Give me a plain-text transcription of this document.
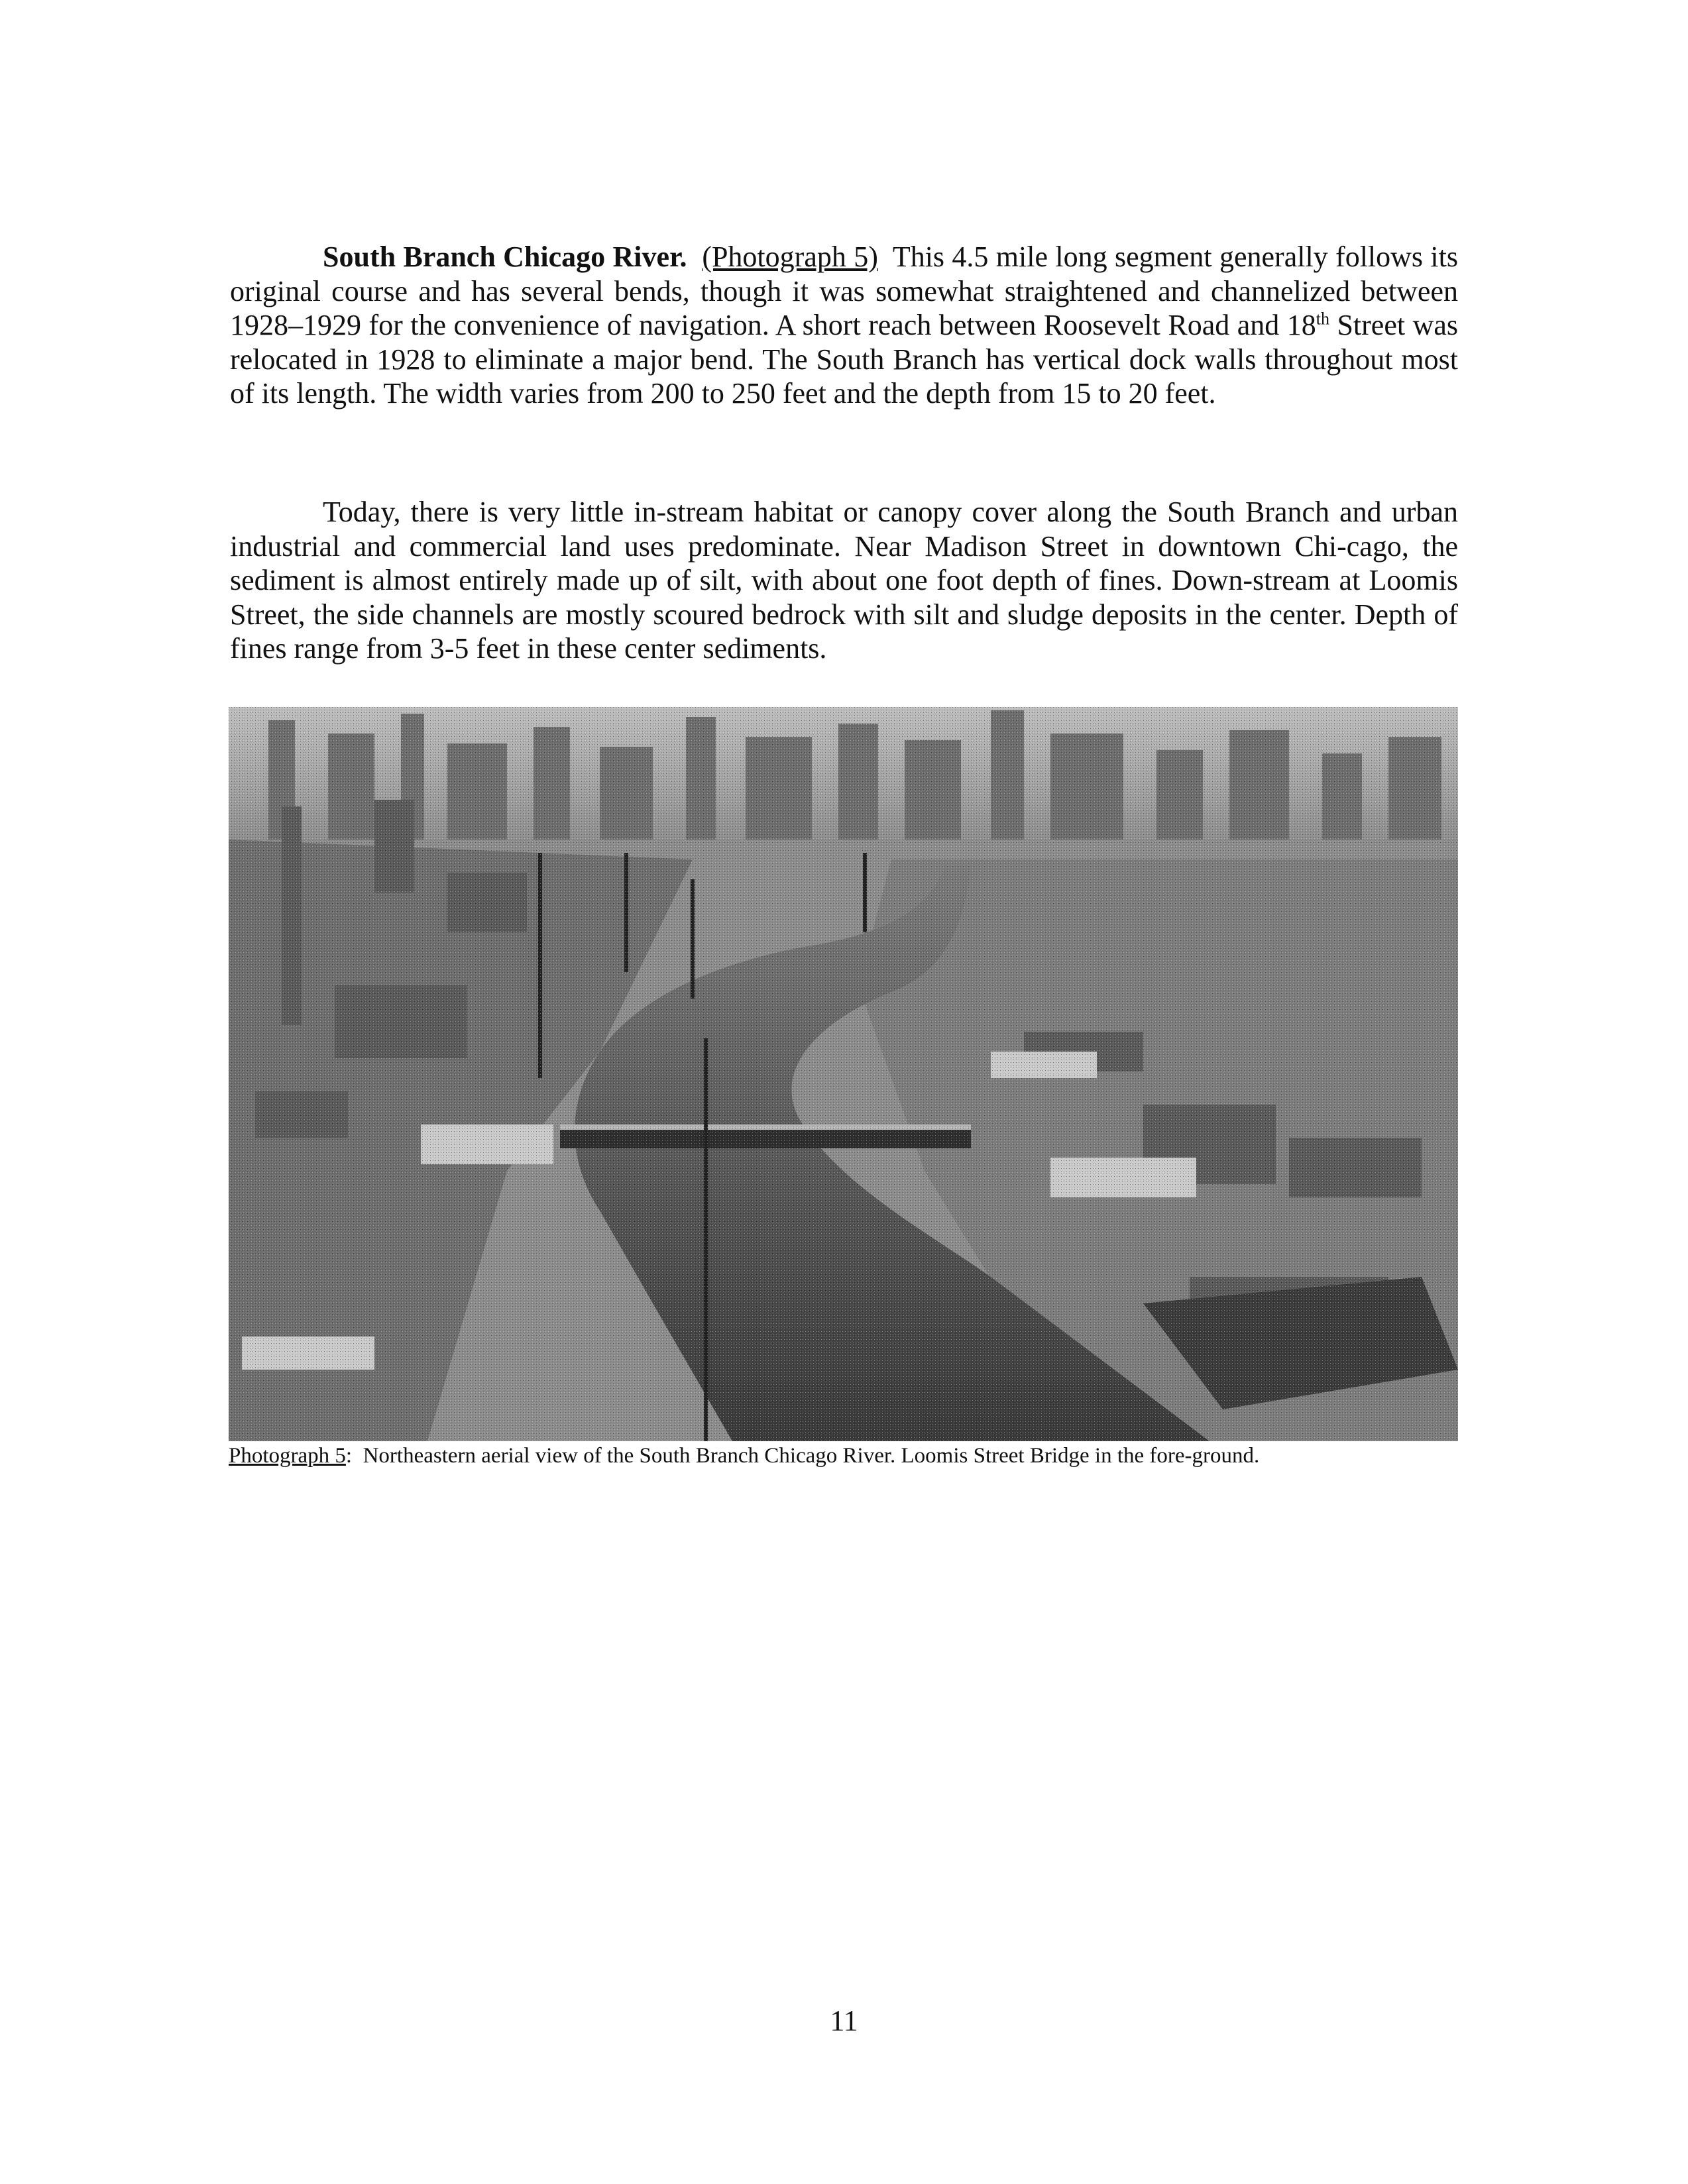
South Branch Chicago River. (Photograph 5) This 4.5 mile long segment generally follows its original course and has several bends, though it was somewhat straightened and channelized between 1928–1929 for the convenience of navigation. A short reach between Roosevelt Road and 18th Street was relocated in 1928 to eliminate a major bend. The South Branch has vertical dock walls throughout most of its length. The width varies from 200 to 250 feet and the depth from 15 to 20 feet.
Today, there is very little in-stream habitat or canopy cover along the South Branch and urban industrial and commercial land uses predominate. Near Madison Street in downtown Chi-cago, the sediment is almost entirely made up of silt, with about one foot depth of fines. Down-stream at Loomis Street, the side channels are mostly scoured bedrock with silt and sludge deposits in the center. Depth of fines range from 3-5 feet in these center sediments.
Photograph 5:  Northeastern aerial view of the South Branch Chicago River. Loomis Street Bridge in the fore-ground.
11
